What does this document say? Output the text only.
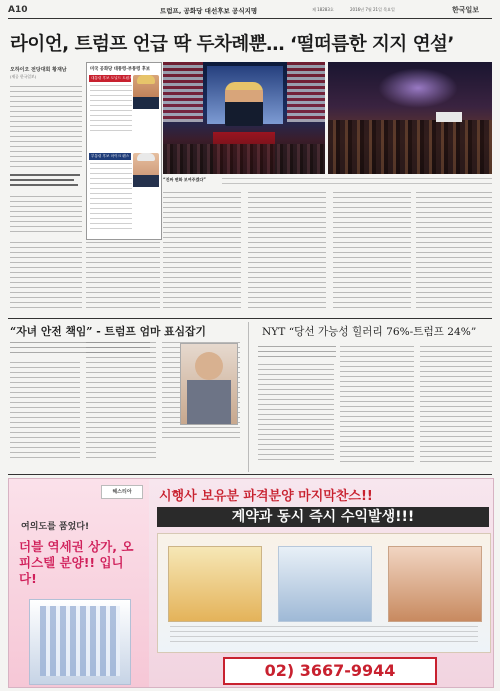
A10	트럼프, 공화당 대선후보 공식지명	제 18283호	2016년 7월 21일 목요일	한국일보
라이언, 트럼프 언급 딱 두차례뿐… ‘떨떠름한 지지 연설’
오하이오 전당대회 황재남
(제공 한국일보)
미국 공화당 대통령·부통령 후보
대통령 후보 도널드 트럼프
부통령 후보 마이크 펜스
“진짜 변화 보여주겠다”
“자녀 안전 책임” - 트럼프 엄마 표심잡기	NYT “당선 가능성 힐러리 76%-트럼프 24%”
여의도를 품었다!
더블 역세권 상가, 오피스텔 분양!! 입니다!
헤스티아	시행사 보유분 파격분양 마지막찬스!!
계약과 동시 즉시 수익발생!!!
02) 3667-9944
